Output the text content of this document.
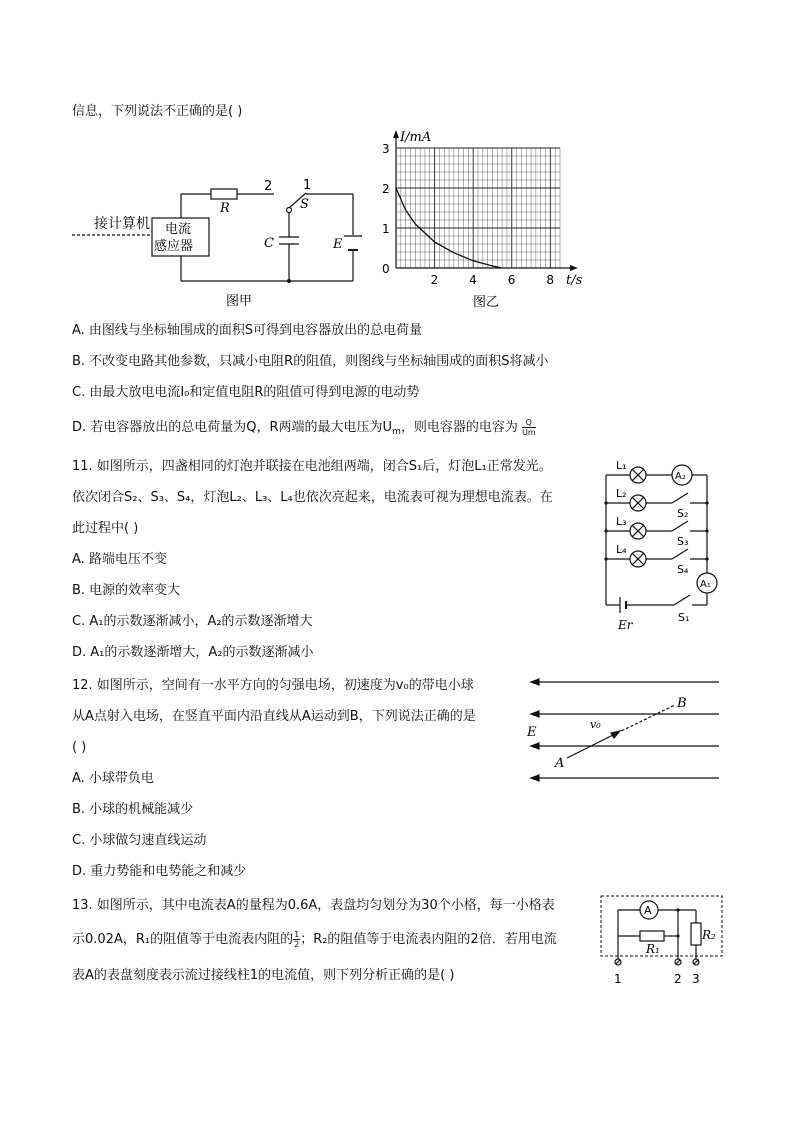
信息，下列说法不正确的是( )
接计算机 电流
感应器
R
2 1
S
C	E
图甲
0
1
2
3
2	4	6	8
I/mA
t/s
图乙
A. 由图线与坐标轴围成的面积S可得到电容器放出的总电荷量
B. 不改变电路其他参数，只减小电阻R的阻值，则图线与坐标轴围成的面积S将减小
C. 由最大放电电流I₀和定值电阻R的阻值可得到电源的电动势
D. 若电容器放出的总电荷量为Q，R两端的最大电压为$U_m$，则电容器的电容为 $\frac{Q}{Um}$
11. 如图所示，四盏相同的灯泡并联接在电池组两端，闭合S₁后，灯泡L₁正常发光。
依次闭合S₂、S₃、S₄，灯泡L₂、L₃、L₄也依次亮起来，电流表可视为理想电流表。在
此过程中( )
A. 路端电压不变
B. 电源的效率变大
C. A₁的示数逐渐减小，A₂的示数逐渐增大
D. A₁的示数逐渐增大，A₂的示数逐渐减小
L₁
L₂
L₃
L₄
A₂
A₁
S₂
S₃
S₄
S₁
Er
12. 如图所示，空间有一水平方向的匀强电场，初速度为v₀的带电小球
从A点射入电场，在竖直平面内沿直线从A运动到B，下列说法正确的是
( )
A. 小球带负电
B. 小球的机械能减少
C. 小球做匀速直线运动
D. 重力势能和电势能之和减少
E
A
B
v₀
13. 如图所示，其中电流表A的量程为0.6A，表盘均匀划分为30个小格，每一小格表
示0.02A，R₁的阻值等于电流表内阻的 $\frac{1}{2}$ ；R₂的阻值等于电流表内阻的2倍．若用电流
表A的表盘刻度表示流过接线柱1的电流值，则下列分析正确的是( )
A
R₁
R₂
1	2 3
